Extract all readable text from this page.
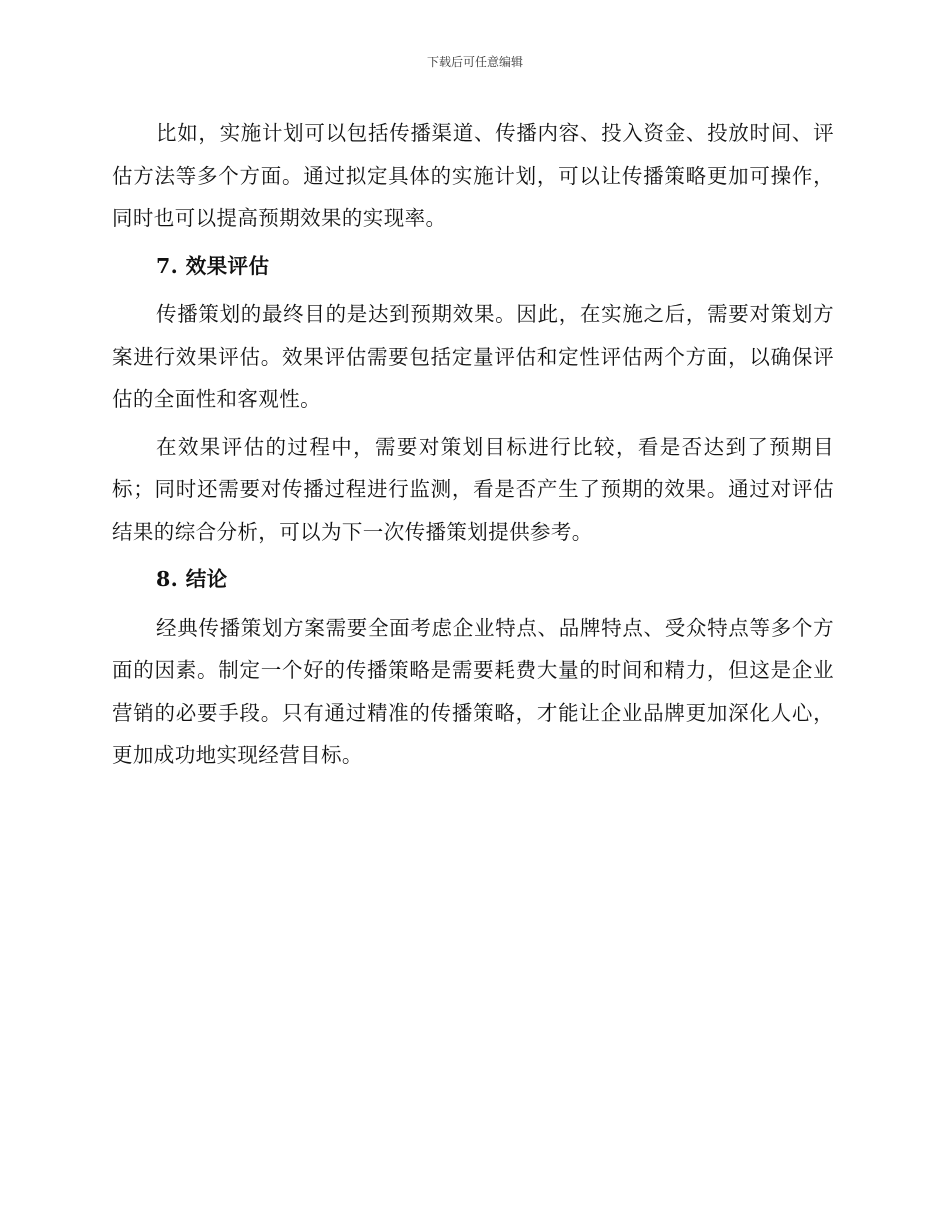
下载后可任意编辑

比如，实施计划可以包括传播渠道、传播内容、投入资金、投放时间、评估方法等多个方面。通过拟定具体的实施计划，可以让传播策略更加可操作，同时也可以提高预期效果的实现率。

7. 效果评估

传播策划的最终目的是达到预期效果。因此，在实施之后，需要对策划方案进行效果评估。效果评估需要包括定量评估和定性评估两个方面，以确保评估的全面性和客观性。

在效果评估的过程中，需要对策划目标进行比较，看是否达到了预期目标；同时还需要对传播过程进行监测，看是否产生了预期的效果。通过对评估结果的综合分析，可以为下一次传播策划提供参考。

8. 结论

经典传播策划方案需要全面考虑企业特点、品牌特点、受众特点等多个方面的因素。制定一个好的传播策略是需要耗费大量的时间和精力，但这是企业营销的必要手段。只有通过精准的传播策略，才能让企业品牌更加深化人心，更加成功地实现经营目标。
